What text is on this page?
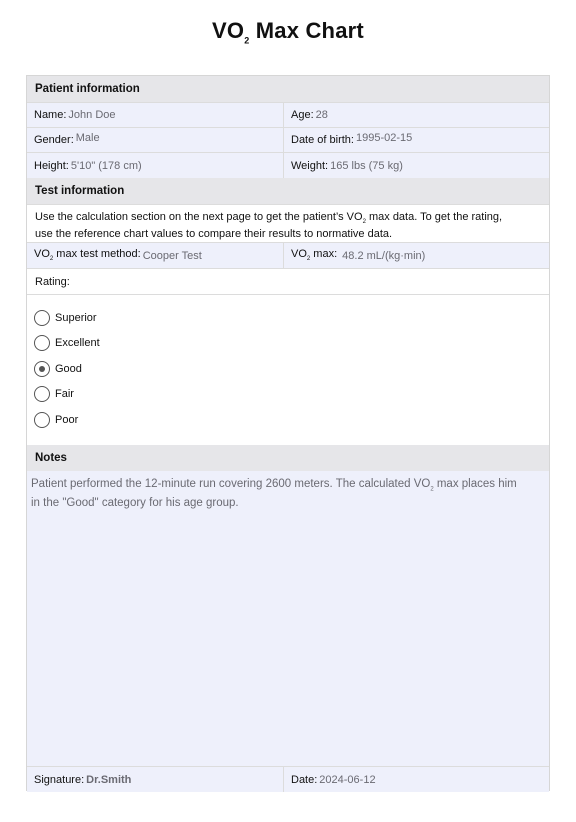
$VO_2$ Max Chart
Patient information
Name: John Doe	Age: 28
Gender: Male	Date of birth: 1995-02-15
Height: 5'10" (178 cm)	Weight: 165 lbs (75 kg)
Test information
Use the calculation section on the next page to get the patient’s $VO_2$ max data. To get the rating,
use the reference chart values to compare their results to normative data.
$VO_2$ max test method: Cooper Test	$VO_2$ max: 48.2 mL/(kg·min)
Rating:
Superior
Excellent
Good
Fair
Poor
Notes
Patient performed the 12-minute run covering 2600 meters. The calculated $VO_2$ max places him
in the "Good" category for his age group.
Signature: Dr.Smith	Date: 2024-06-12
